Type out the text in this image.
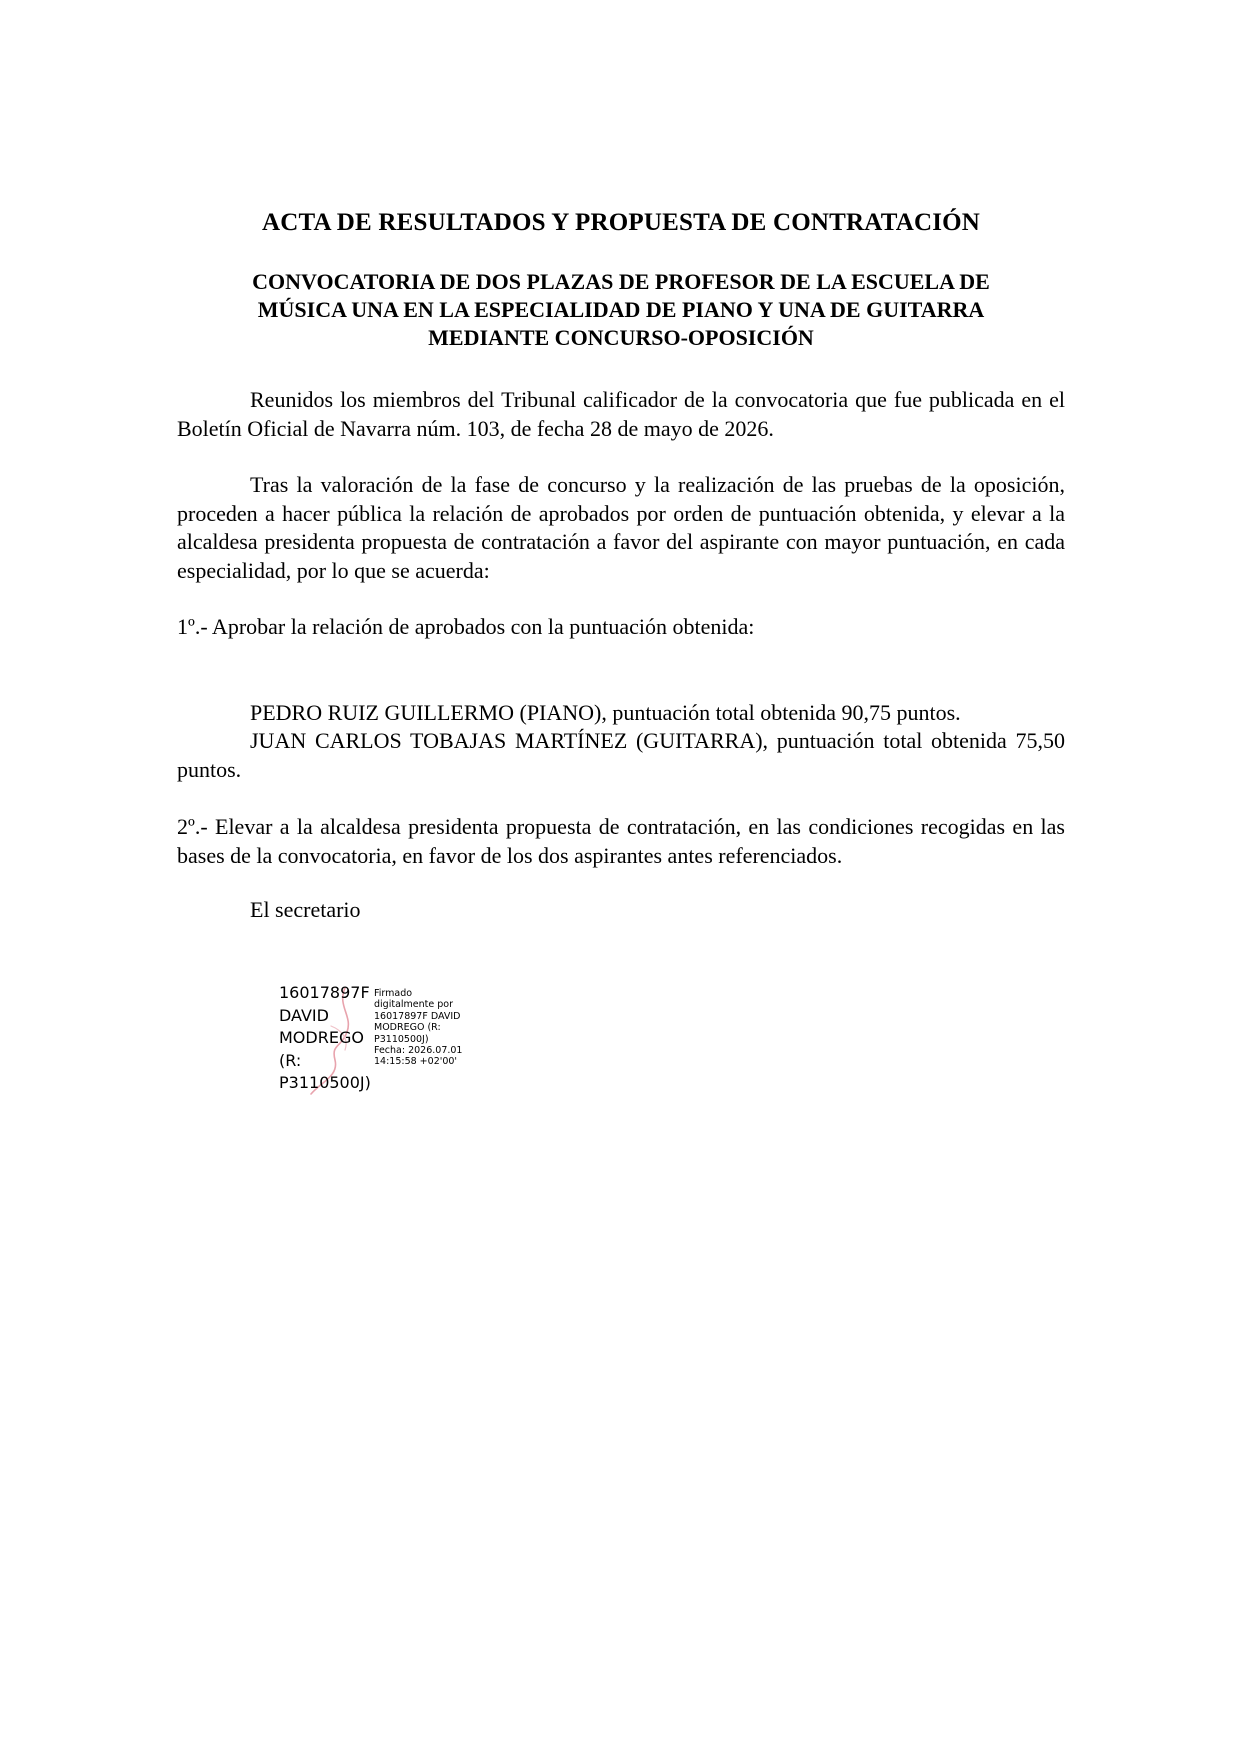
ACTA DE RESULTADOS Y PROPUESTA DE CONTRATACIÓN
CONVOCATORIA DE DOS PLAZAS DE PROFESOR DE LA ESCUELA DE
MÚSICA UNA EN LA ESPECIALIDAD DE PIANO Y UNA DE GUITARRA
MEDIANTE CONCURSO-OPOSICIÓN

Reunidos los miembros del Tribunal calificador de la convocatoria que fue publicada en el Boletín Oficial de Navarra núm. 103, de fecha 28 de mayo de 2026.

Tras la valoración de la fase de concurso y la realización de las pruebas de la oposición, proceden a hacer pública la relación de aprobados por orden de puntuación obtenida, y elevar a la alcaldesa presidenta propuesta de contratación a favor del aspirante con mayor puntuación, en cada especialidad, por lo que se acuerda:

1º.- Aprobar la relación de aprobados con la puntuación obtenida:

PEDRO RUIZ GUILLERMO (PIANO), puntuación total obtenida 90,75 puntos.

JUAN CARLOS TOBAJAS MARTÍNEZ (GUITARRA), puntuación total obtenida 75,50 puntos.

2º.- Elevar a la alcaldesa presidenta propuesta de contratación, en las condiciones recogidas en las bases de la convocatoria, en favor de los dos aspirantes antes referenciados.

El secretario

16017897F
DAVID
MODREGO
(R:
P3110500J)
Firmado
digitalmente por
16017897F DAVID
MODREGO (R:
P3110500J)
Fecha: 2026.07.01
14:15:58 +02'00'
